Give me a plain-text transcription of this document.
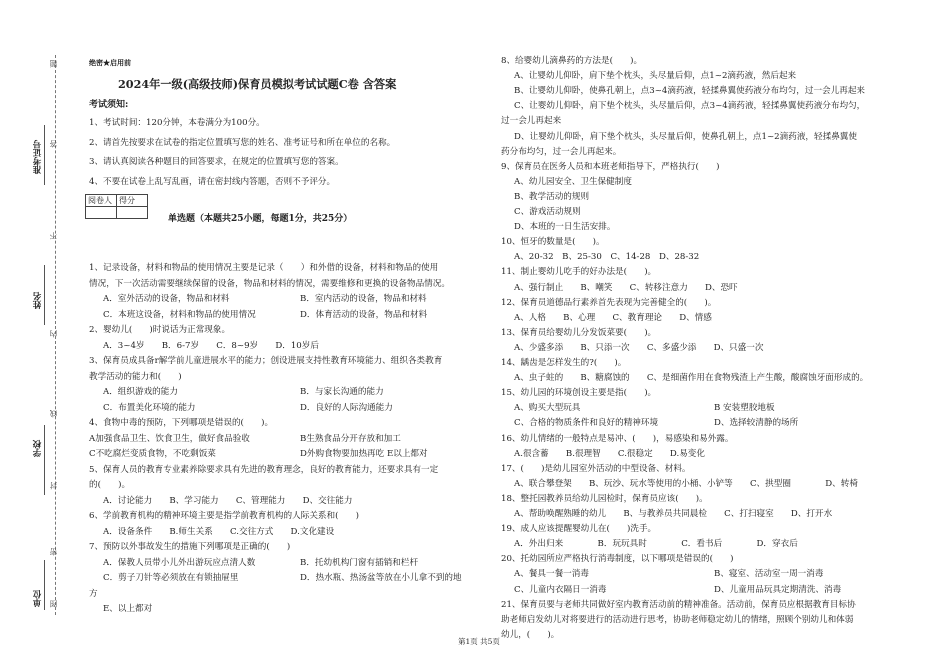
准考证号
姓名
学校
单位
题
答
不
内
线
封
密
图
绝密★启用前
2024年一级(高级技师)保育员模拟考试试题C卷 含答案
考试须知:
1、考试时间：120分钟，本卷满分为100分。
2、请首先按要求在试卷的指定位置填写您的姓名、准考证号和所在单位的名称。
3、请认真阅读各种题目的回答要求，在规定的位置填写您的答案。
4、不要在试卷上乱写乱画，请在密封线内答题，否则不予评分。
阅卷人	得分

单选题（本题共25小题，每题1分，共25分）
1、记录设备，材料和物品的使用情况主要是记录（　　）和外借的设备，材料和物品的使用
情况，下一次活动需要继续保留的设备，物品和材料的情况，需要维修和更换的设备物品情况。
A．室外活动的设备，物品和材料	B．室内活动的设备，物品和材料
C．本班这设备，材料和物品的使用情况	D．体育活动的设备，物品和材料
2、婴幼儿(　　)时说话为正常现象。
A．3~4岁　　B．6-7岁　　C．8~9岁　　D．10岁后
3、保育员成具备r解学前儿童进展水平的能力；创设进展支持性教育环境能力、组织各类教育
教学活动的能力和(　　)
A．组织游戏的能力	B．与家长沟通的能力
C．布置美化环境的能力	D．良好的人际沟通能力
4、食物中毒的预防，下列哪项是错误的(　　)。
A加强食品卫生、饮食卫生，做好食品验收	B生熟食品分开存放和加工
C不吃腐烂变质食物，不吃剩饭菜	D外购食物要加热再吃 E以上都对
5、保育人员的教育专业素养除要求具有先进的教育理念，良好的教育能力，还要求具有一定
的(　　)。
A．讨论能力　　B、学习能力　　C、管理能力　　D、交往能力
6、学前教育机构的精神环境主要是指学前教育机构的人际关系和(　　)
A．设备条件　　B.师生关系　　C.交往方式　　D.文化建设
7、预防以外事故发生的措施下列哪项是正确的(　　)
A．保教人员带小儿外出游玩应点清人数	B．托幼机构门窗有插销和栏杆
C．剪子刀针等必须放在有锁抽屉里	D．热水瓶、热汤盆等放在小儿拿不到的地
方
E、以上都对
8、给婴幼儿滴鼻药的方法是(　　)。
A、让婴幼儿仰卧，肩下垫个枕头，头尽量后仰，点1~2滴药液，然后起来
B、让婴幼儿仰卧，使鼻孔朝上，点3~4滴药液，轻揉鼻翼使药液分布均匀，过一会儿再起来
C、让婴幼儿仰卧，肩下垫个枕头，头尽量后仰，点3~4滴药液，轻揉鼻翼使药液分布均匀，
过一会儿再起来
D、让婴幼儿仰卧，肩下垫个枕头，头尽量后仰，使鼻孔朝上，点1~2滴药液，轻揉鼻翼使
药分布均匀，过一会儿再起来。
9、保育员在医务人员和本班老师指导下，严格执行(　　)
A、幼儿园安全、卫生保健制度
B、教学活动的规则
C、游戏活动规则
D、本班的一日生活安排。
10、恒牙的数量是(　　)。
A、20-32　B、25-30　C、14-28　D、28-32
11、制止婴幼儿吃手的好办法是(　　)。
A、强行制止　　B、嘲笑　　C、转移注意力　　D、恐吓
12、保育员道德品行素养首先表现为完善健全的(　　)。
A、人格　　B、心理　　C、教育理论　　D、情感
13、保育员给婴幼儿分发饭菜要(　　)。
A、少盛多添　　B、只添一次　　C、多盛少添　　D、只盛一次
14、龋齿是怎样发生的?(　　)。
A、虫子蛀的　　B、糖腐蚀的　　C、是细菌作用在食物残渣上产生酸，酸腐蚀牙面形成的。
15、幼儿园的环境创设主要是指(　　)。
A、购买大型玩具	B 安装塑胶地板
C、合格的物质条件和良好的精神环境	D、选择较清静的场所
16、幼儿情绪的一般特点是易冲、(　　)，易感染和易外露。
A.很含蓄　　B.很理智　　C.很稳定　　D.易变化
17、(　　)是幼儿园室外活动的中型设备、材料。
A、联合攀登架　　B、玩沙、玩水等使用的小桶、小铲等　　C、拱型圈　　　　D、转椅
18、整托园教养员给幼儿园检时，保育员应该(　　)。
A、帮助唤醒熟睡的幼儿　　B、与教养员共同晨检　　C、打扫寝室　　D、打开水
19、成人应该提醒婴幼儿在(　　)洗手。
A．外出归来　　　　B．玩玩具时　　　　C．看书后　　　　D．穿衣后
20、托幼园所应严格执行消毒制度，以下哪项是错误的(　　)
A、餐具一餐一消毒	B、寝室、活动室一周一消毒
C、儿童内衣隔日一消毒	D、儿童用品玩具定期清洗、消毒
21、保育员要与老师共同做好室内教育活动前的精神准备。活动前，保育员应根据教育目标协
助老师启发幼儿对将要进行的活动进行思考，协助老师稳定幼儿的情绪，照顾个别幼儿和体弱
幼儿，(　　)。
第1页 共5页
